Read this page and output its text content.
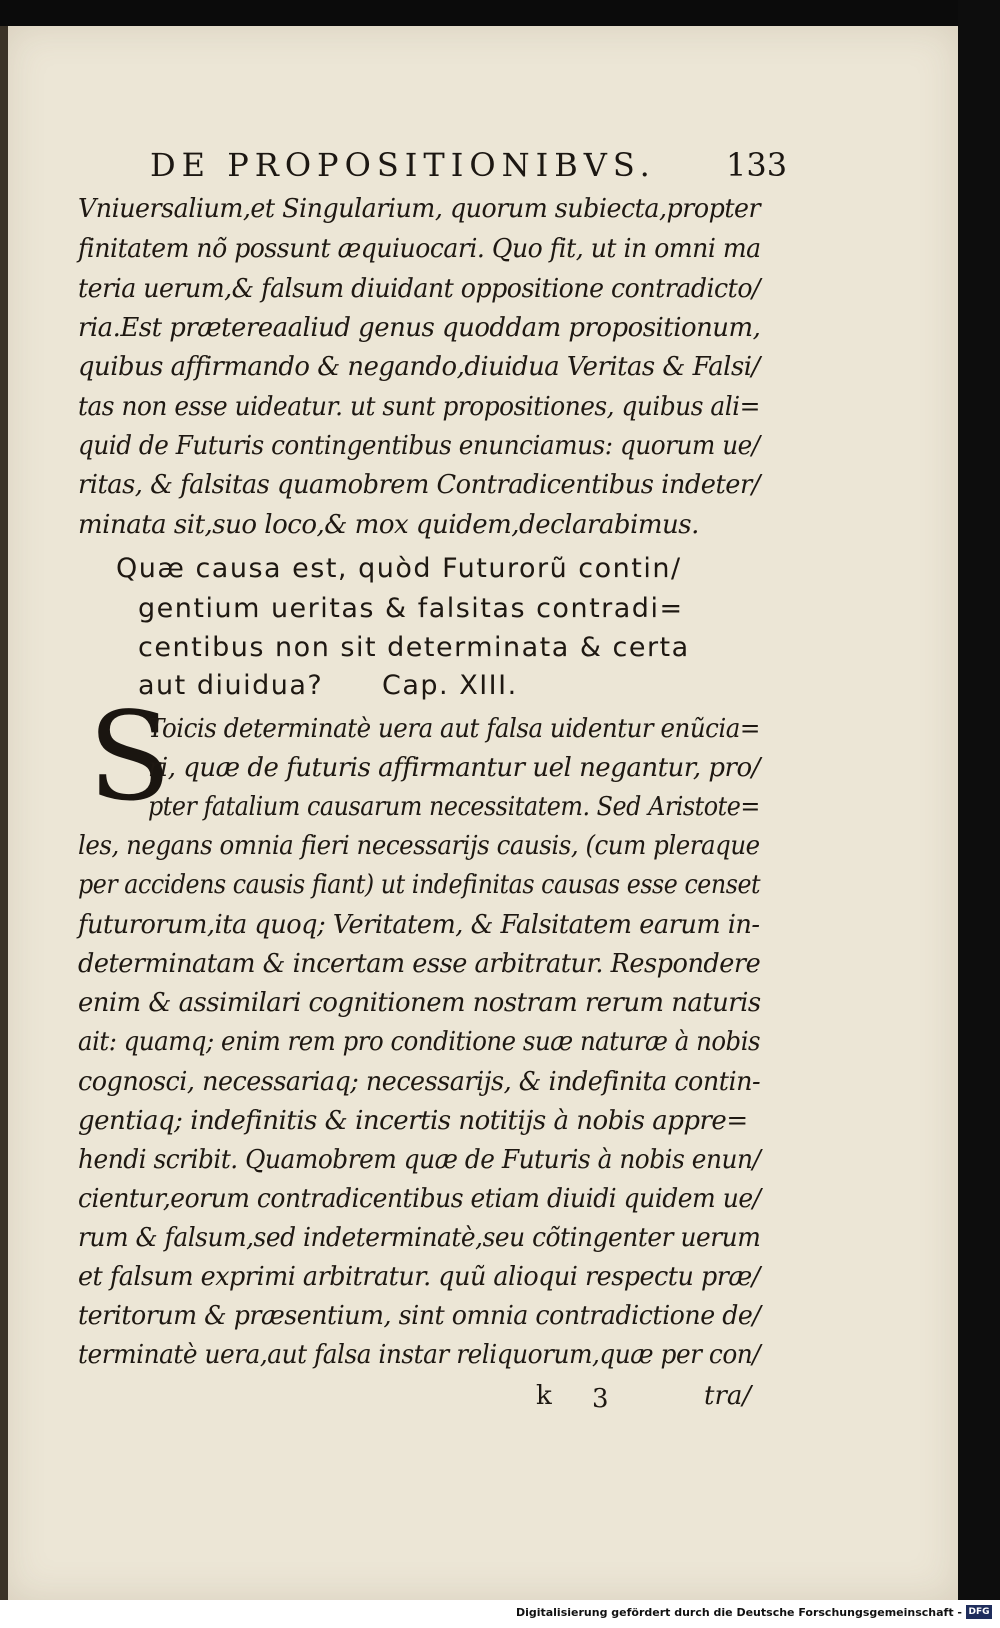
DE PROPOSITIONIBVS.	133
Vniuersalium,et Singularium, quorum subiecta,propter
finitatem nõ possunt æquiuocari. Quo fit, ut in omni ma
teria uerum,& falsum diuidant oppositione contradicto/
ria.Est prætereaaliud genus quoddam propositionum,
quibus affirmando & negando,diuidua Veritas & Falsi/
tas non esse uideatur. ut sunt propositiones, quibus ali=
quid de Futuris contingentibus enunciamus: quorum ue/
ritas, & falsitas quamobrem Contradicentibus indeter/
minata sit,suo loco,& mox quidem,declarabimus.
Quæ causa est, quòd Futurorũ contin/
gentium ueritas & falsitas contradi=
centibus non sit determinata & certa
aut diuidua? Cap. XIII.
S
Toicis determinatè uera aut falsa uidentur enũcia=
ri, quæ de futuris affirmantur uel negantur, pro/
pter fatalium causarum necessitatem. Sed Aristote=
les, negans omnia fieri necessarijs causis, (cum pleraque
per accidens causis fiant) ut indefinitas causas esse censet
futurorum,ita quoq; Veritatem, & Falsitatem earum in-
determinatam & incertam esse arbitratur. Respondere
enim & assimilari cognitionem nostram rerum naturis
ait: quamq; enim rem pro conditione suæ naturæ à nobis
cognosci, necessariaq; necessarijs, & indefinita contin-
gentiaq; indefinitis & incertis notitijs à nobis appre=
hendi scribit. Quamobrem quæ de Futuris à nobis enun/
cientur,eorum contradicentibus etiam diuidi quidem ue/
rum & falsum,sed indeterminatè,seu cõtingenter uerum
et falsum exprimi arbitratur. quũ alioqui respectu præ/
teritorum & præsentium, sint omnia contradictione de/
terminatè uera,aut falsa instar reliquorum,quæ per con/
k 3	tra/
Digitalisierung gefördert durch die Deutsche Forschungsgemeinschaft - DFG
